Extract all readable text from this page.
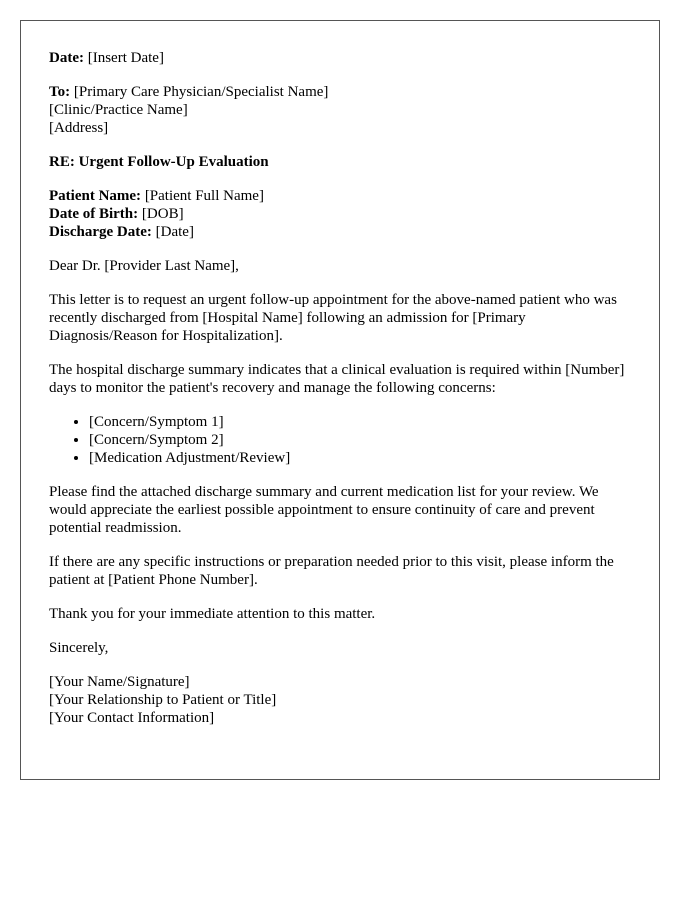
Date: [Insert Date]
To: [Primary Care Physician/Specialist Name]
[Clinic/Practice Name]
[Address]
RE: Urgent Follow-Up Evaluation
Patient Name: [Patient Full Name]
Date of Birth: [DOB]
Discharge Date: [Date]
Dear Dr. [Provider Last Name],
This letter is to request an urgent follow-up appointment for the above-named patient who was recently discharged from [Hospital Name] following an admission for [Primary Diagnosis/Reason for Hospitalization].
The hospital discharge summary indicates that a clinical evaluation is required within [Number] days to monitor the patient's recovery and manage the following concerns:
• [Concern/Symptom 1]
• [Concern/Symptom 2]
• [Medication Adjustment/Review]
Please find the attached discharge summary and current medication list for your review. We would appreciate the earliest possible appointment to ensure continuity of care and prevent potential readmission.
If there are any specific instructions or preparation needed prior to this visit, please inform the patient at [Patient Phone Number].
Thank you for your immediate attention to this matter.
Sincerely,
[Your Name/Signature]
[Your Relationship to Patient or Title]
[Your Contact Information]
